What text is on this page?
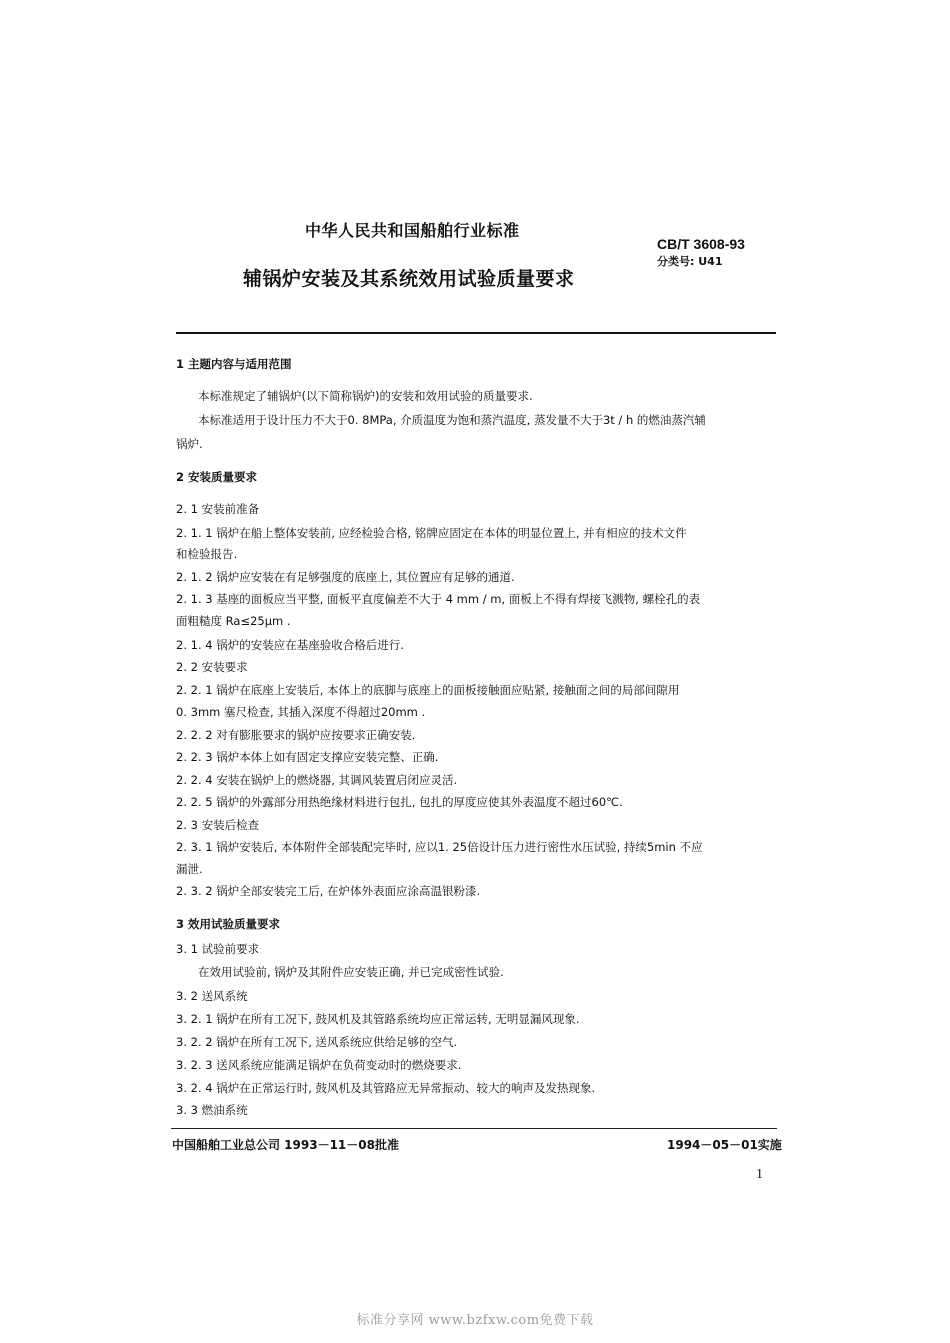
中华人民共和国船舶行业标准
CB/T 3608-93
分类号: U41
辅锅炉安装及其系统效用试验质量要求
1 主题内容与适用范围
本标准规定了辅锅炉(以下简称锅炉)的安装和效用试验的质量要求.
本标准适用于设计压力不大于0. 8MPa, 介质温度为饱和蒸汽温度, 蒸发量不大于3t / h 的燃油蒸汽辅
锅炉.
2 安装质量要求
2. 1 安装前准备
2. 1. 1 锅炉在船上整体安装前, 应经检验合格, 铭牌应固定在本体的明显位置上, 并有相应的技术文件
和检验报告.
2. 1. 2 锅炉应安装在有足够强度的底座上, 其位置应有足够的通道.
2. 1. 3 基座的面板应当平整, 面板平直度偏差不大于 4 mm / m, 面板上不得有焊接飞溅物, 螺栓孔的表
面粗糙度 Ra≤25μm .
2. 1. 4 锅炉的安装应在基座验收合格后进行.
2. 2 安装要求
2. 2. 1 锅炉在底座上安装后, 本体上的底脚与底座上的面板接触面应贴紧, 接触面之间的局部间隙用
0. 3mm 塞尺检查, 其插入深度不得超过20mm .
2. 2. 2 对有膨胀要求的锅炉应按要求正确安装.
2. 2. 3 锅炉本体上如有固定支撑应安装完整、正确.
2. 2. 4 安装在锅炉上的燃烧器, 其调风装置启闭应灵活.
2. 2. 5 锅炉的外露部分用热绝缘材料进行包扎, 包扎的厚度应使其外表温度不超过60℃.
2. 3 安装后检查
2. 3. 1 锅炉安装后, 本体附件全部装配完毕时, 应以1. 25倍设计压力进行密性水压试验, 持续5min 不应
漏泄.
2. 3. 2 锅炉全部安装完工后, 在炉体外表面应涂高温银粉漆.
3 效用试验质量要求
3. 1 试验前要求
在效用试验前, 锅炉及其附件应安装正确, 并已完成密性试验.
3. 2 送风系统
3. 2. 1 锅炉在所有工况下, 鼓风机及其管路系统均应正常运转, 无明显漏风现象.
3. 2. 2 锅炉在所有工况下, 送风系统应供给足够的空气.
3. 2. 3 送风系统应能满足锅炉在负荷变动时的燃烧要求.
3. 2. 4 锅炉在正常运行时, 鼓风机及其管路应无异常振动、较大的响声及发热现象.
3. 3 燃油系统
中国船舶工业总公司 1993－11－08批准	1994－05－01实施
1
标准分享网 www.bzfxw.com免费下载
